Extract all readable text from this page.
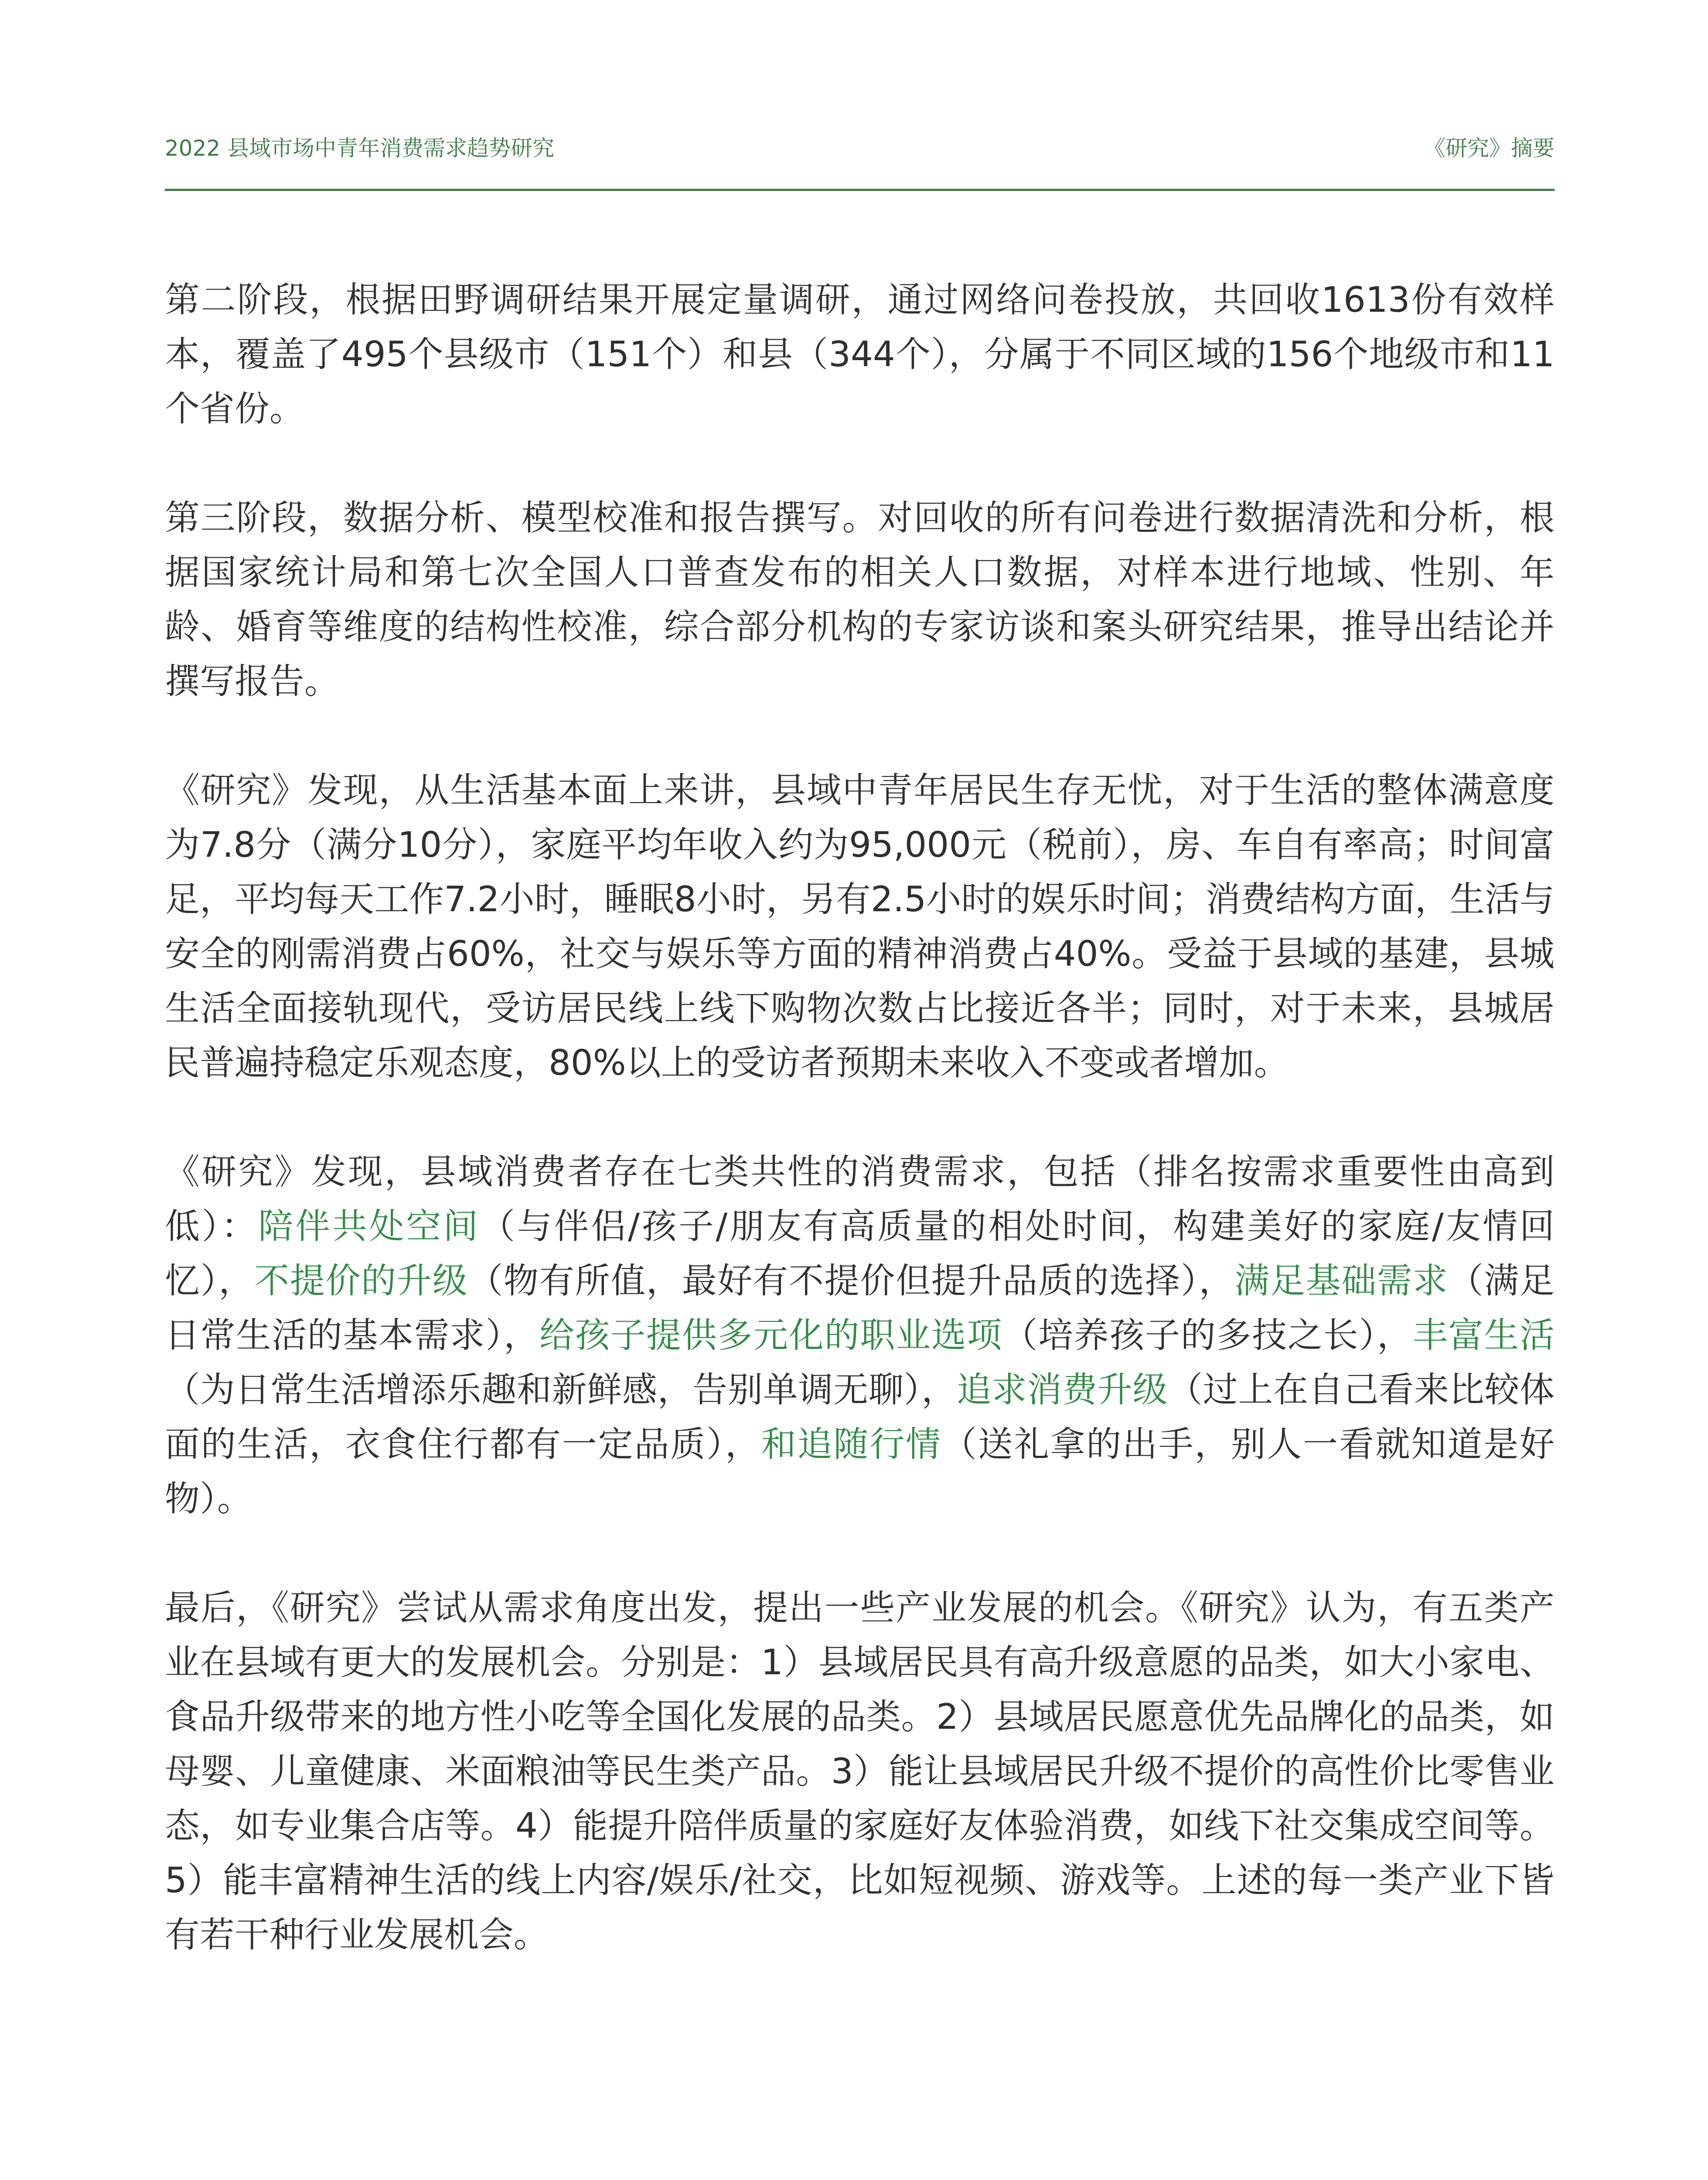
2022 县域市场中青年消费需求趋势研究	《研究》摘要

第二阶段，根据田野调研结果开展定量调研，通过网络问卷投放，共回收1613份有效样本，覆盖了495个县级市（151个）和县（344个），分属于不同区域的156个地级市和11个省份。

第三阶段，数据分析、模型校准和报告撰写。对回收的所有问卷进行数据清洗和分析，根据国家统计局和第七次全国人口普查发布的相关人口数据，对样本进行地域、性别、年龄、婚育等维度的结构性校准，综合部分机构的专家访谈和案头研究结果，推导出结论并撰写报告。

《研究》发现，从生活基本面上来讲，县域中青年居民生存无忧，对于生活的整体满意度为7.8分（满分10分），家庭平均年收入约为95,000元（税前），房、车自有率高；时间富足，平均每天工作7.2小时，睡眠8小时，另有2.5小时的娱乐时间；消费结构方面，生活与安全的刚需消费占60%，社交与娱乐等方面的精神消费占40%。受益于县域的基建，县城生活全面接轨现代，受访居民线上线下购物次数占比接近各半；同时，对于未来，县城居民普遍持稳定乐观态度，80%以上的受访者预期未来收入不变或者增加。

《研究》发现，县域消费者存在七类共性的消费需求，包括（排名按需求重要性由高到低）：陪伴共处空间（与伴侣/孩子/朋友有高质量的相处时间，构建美好的家庭/友情回忆），不提价的升级（物有所值，最好有不提价但提升品质的选择），满足基础需求（满足日常生活的基本需求），给孩子提供多元化的职业选项（培养孩子的多技之长），丰富生活（为日常生活增添乐趣和新鲜感，告别单调无聊），追求消费升级（过上在自己看来比较体面的生活，衣食住行都有一定品质），和追随行情（送礼拿的出手，别人一看就知道是好物）。

最后，《研究》尝试从需求角度出发，提出一些产业发展的机会。《研究》认为，有五类产业在县域有更大的发展机会。分别是：1）县域居民具有高升级意愿的品类，如大小家电、食品升级带来的地方性小吃等全国化发展的品类。2）县域居民愿意优先品牌化的品类，如母婴、儿童健康、米面粮油等民生类产品。3）能让县域居民升级不提价的高性价比零售业态，如专业集合店等。4）能提升陪伴质量的家庭好友体验消费，如线下社交集成空间等。5）能丰富精神生活的线上内容/娱乐/社交，比如短视频、游戏等。上述的每一类产业下皆有若干种行业发展机会。
